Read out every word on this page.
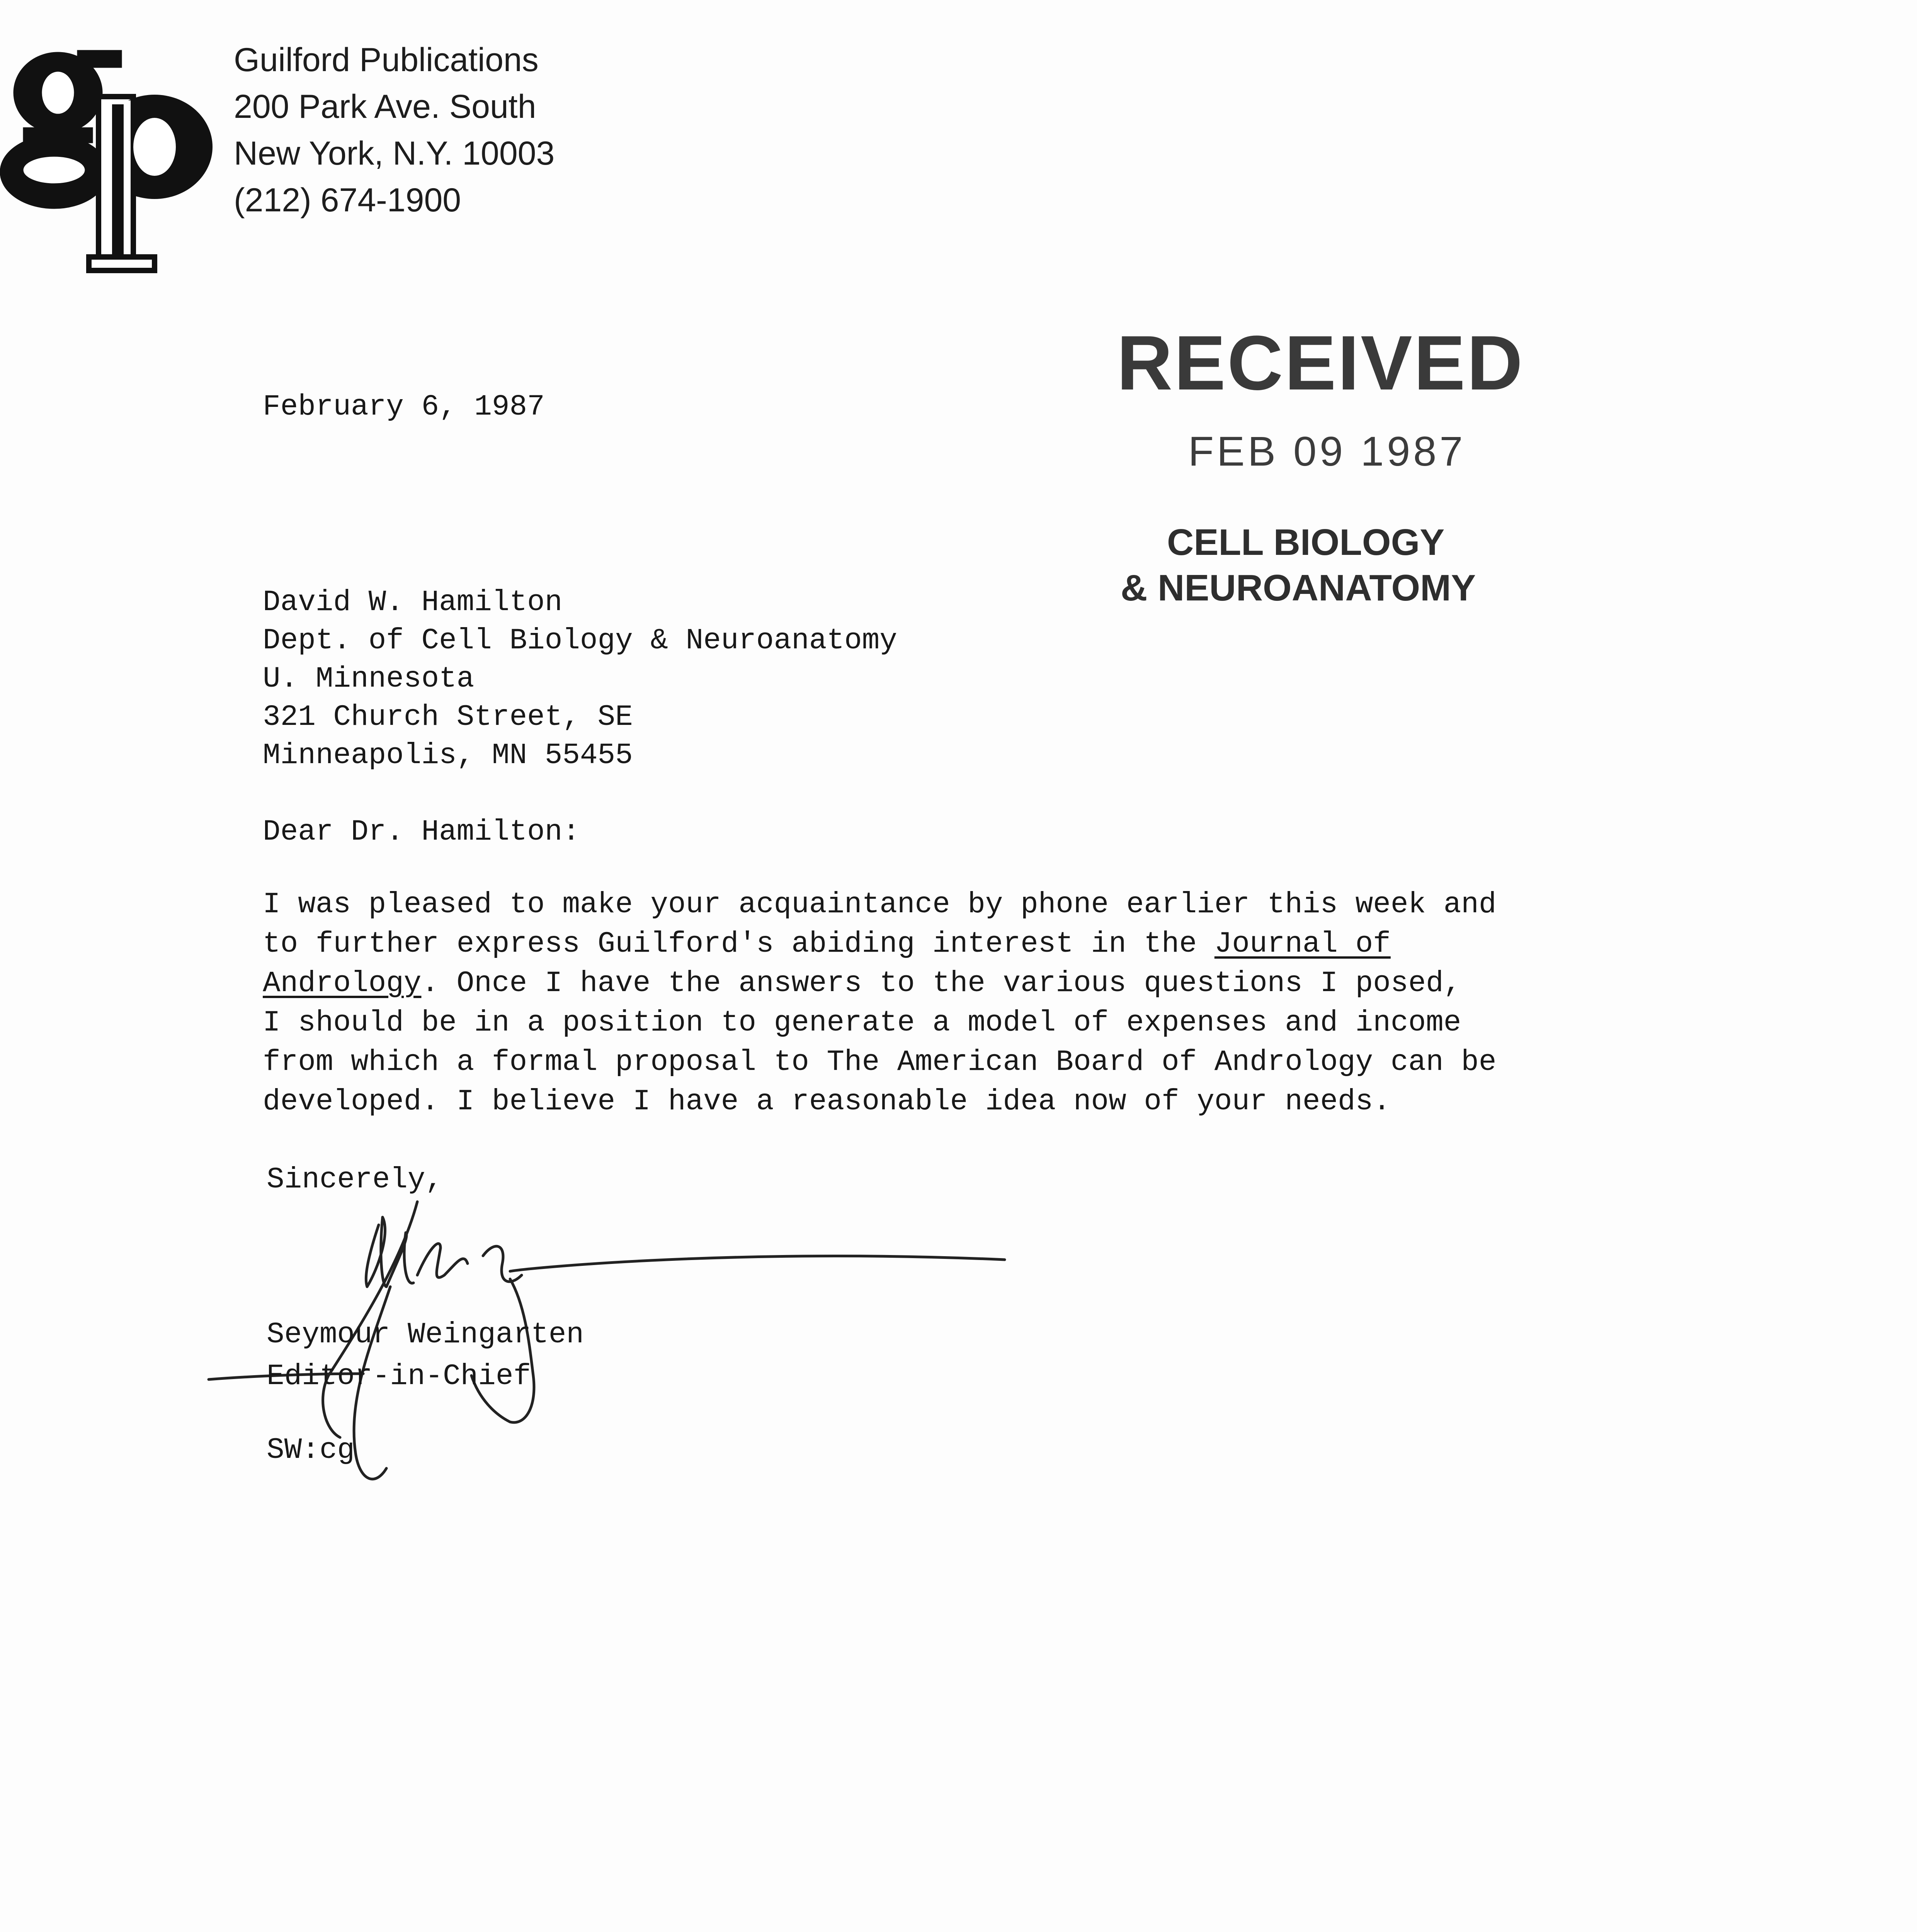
Guilford Publications
200 Park Ave. South
New York, N.Y. 10003
(212) 674-1900
RECEIVED
FEB 09 1987
CELL BIOLOGY
& NEUROANATOMY
February 6, 1987
David W. Hamilton
Dept. of Cell Biology & Neuroanatomy
U. Minnesota
321 Church Street, SE
Minneapolis, MN 55455
Dear Dr. Hamilton:
I was pleased to make your acquaintance by phone earlier this week and
to further express Guilford's abiding interest in the Journal of
Andrology. Once I have the answers to the various questions I posed,
I should be in a position to generate a model of expenses and income
from which a formal proposal to The American Board of Andrology can be
developed. I believe I have a reasonable idea now of your needs.
Sincerely,
Seymour Weingarten
Editor-in-Chief
SW:cg
